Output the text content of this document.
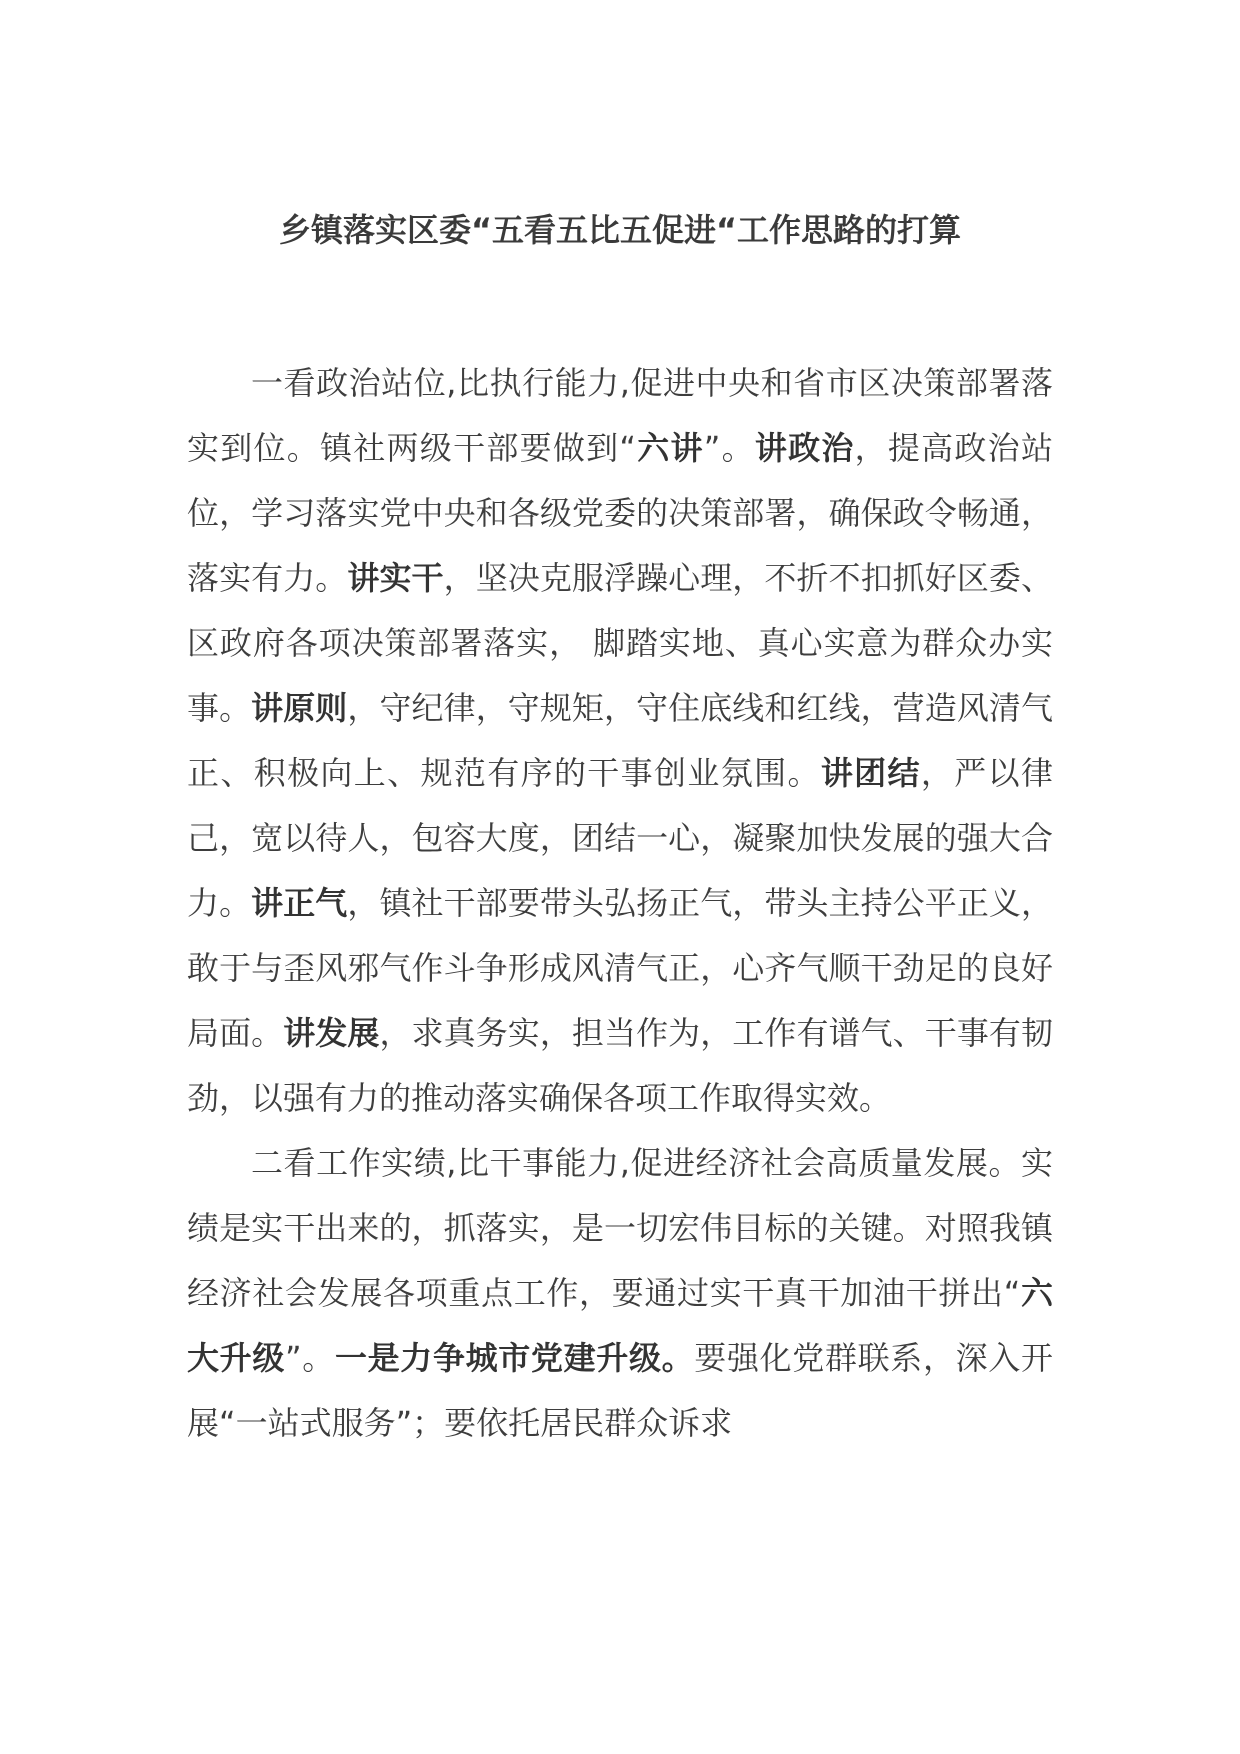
乡镇落实区委“五看五比五促进“工作思路的打算

一看政治站位,比执行能力,促进中央和省市区决策部署落实到位。镇社两级干部要做到“六讲”。讲政治，提高政治站位，学习落实党中央和各级党委的决策部署，确保政令畅通，落实有力。讲实干，坚决克服浮躁心理，不折不扣抓好区委、区政府各项决策部署落实， 脚踏实地、真心实意为群众办实事。讲原则，守纪律，守规矩，守住底线和红线，营造风清气正、积极向上、规范有序的干事创业氛围。讲团结，严以律己，宽以待人，包容大度，团结一心，凝聚加快发展的强大合力。讲正气，镇社干部要带头弘扬正气，带头主持公平正义，敢于与歪风邪气作斗争形成风清气正，心齐气顺干劲足的良好局面。讲发展，求真务实，担当作为，工作有谱气、干事有韧劲，以强有力的推动落实确保各项工作取得实效。

二看工作实绩,比干事能力,促进经济社会高质量发展。实绩是实干出来的，抓落实，是一切宏伟目标的关键。对照我镇经济社会发展各项重点工作，要通过实干真干加油干拼出“六大升级”。一是力争城市党建升级。要强化党群联系，深入开展“一站式服务”；要依托居民群众诉求
